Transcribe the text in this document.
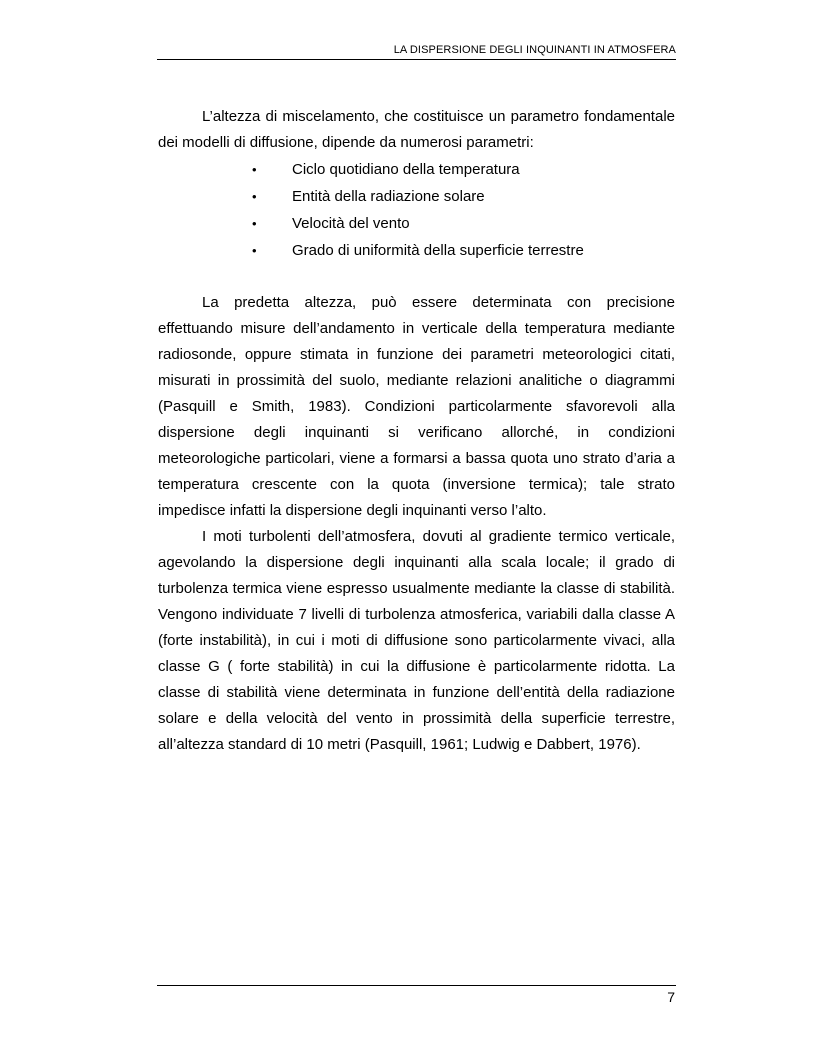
LA DISPERSIONE DEGLI INQUINANTI IN ATMOSFERA

L’altezza di miscelamento, che costituisce un parametro fondamentale dei modelli di diffusione, dipende da numerosi parametri:

• Ciclo quotidiano della temperatura
• Entità della radiazione solare
• Velocità del vento
• Grado di uniformità della superficie terrestre

La predetta altezza, può essere determinata con precisione effettuando misure dell’andamento in verticale della temperatura mediante radiosonde, oppure stimata in funzione dei parametri meteorologici citati, misurati in prossimità del suolo, mediante relazioni analitiche o diagrammi (Pasquill e Smith, 1983). Condizioni particolarmente sfavorevoli alla dispersione degli inquinanti si verificano allorché, in condizioni meteorologiche particolari, viene a formarsi a bassa quota uno strato d’aria a temperatura crescente con la quota (inversione termica); tale strato impedisce infatti la dispersione degli inquinanti verso l’alto.

I moti turbolenti dell’atmosfera, dovuti al gradiente termico verticale, agevolando la dispersione degli inquinanti alla scala locale; il grado di turbolenza termica viene espresso usualmente mediante la classe di stabilità. Vengono individuate 7 livelli di turbolenza atmosferica, variabili dalla classe A (forte instabilità), in cui i moti di diffusione sono particolarmente vivaci, alla classe G ( forte stabilità) in cui la diffusione è particolarmente ridotta. La classe di stabilità viene determinata in funzione dell’entità della radiazione solare e della velocità del vento in prossimità della superficie terrestre, all’altezza standard di 10 metri (Pasquill, 1961; Ludwig e Dabbert, 1976).

7
